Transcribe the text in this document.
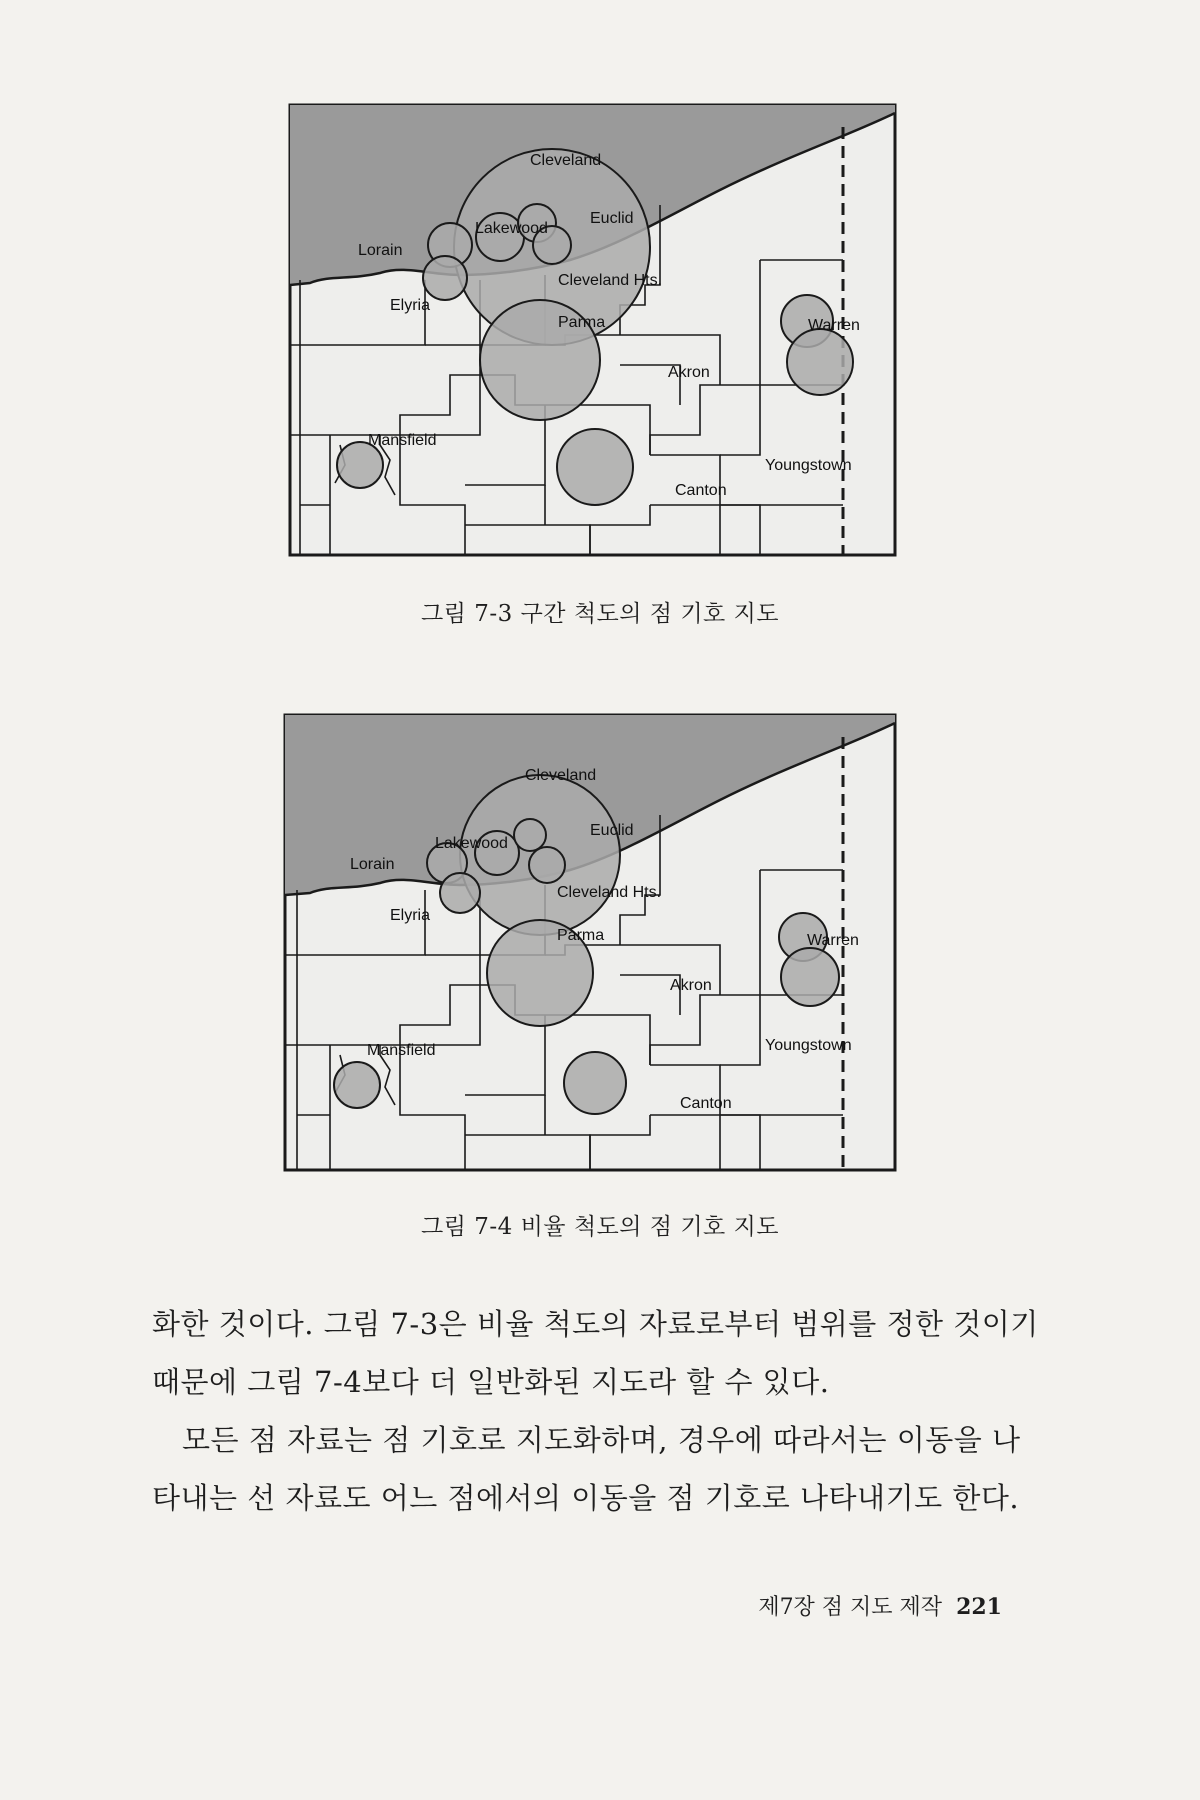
Cleveland
Lakewood
Euclid
Lorain
Elyria
Cleveland Hts.
Parma	Warren
Akron
Youngstown
Mansfield
Canton
Cleveland
Lakewood
Euclid
Lorain
Elyria
Cleveland Hts.
Parma	Warren
Akron
Youngstown
Mansfield
Canton
그림 7-3 구간 척도의 점 기호 지도
그림 7-4 비율 척도의 점 기호 지도

화한 것이다. 그림 7-3은 비율 척도의 자료로부터 범위를 정한 것이기

때문에 그림 7-4보다 더 일반화된 지도라 할 수 있다.

모든 점 자료는 점 기호로 지도화하며, 경우에 따라서는 이동을 나

타내는 선 자료도 어느 점에서의 이동을 점 기호로 나타내기도 한다.

제7장 점 지도 제작 221
